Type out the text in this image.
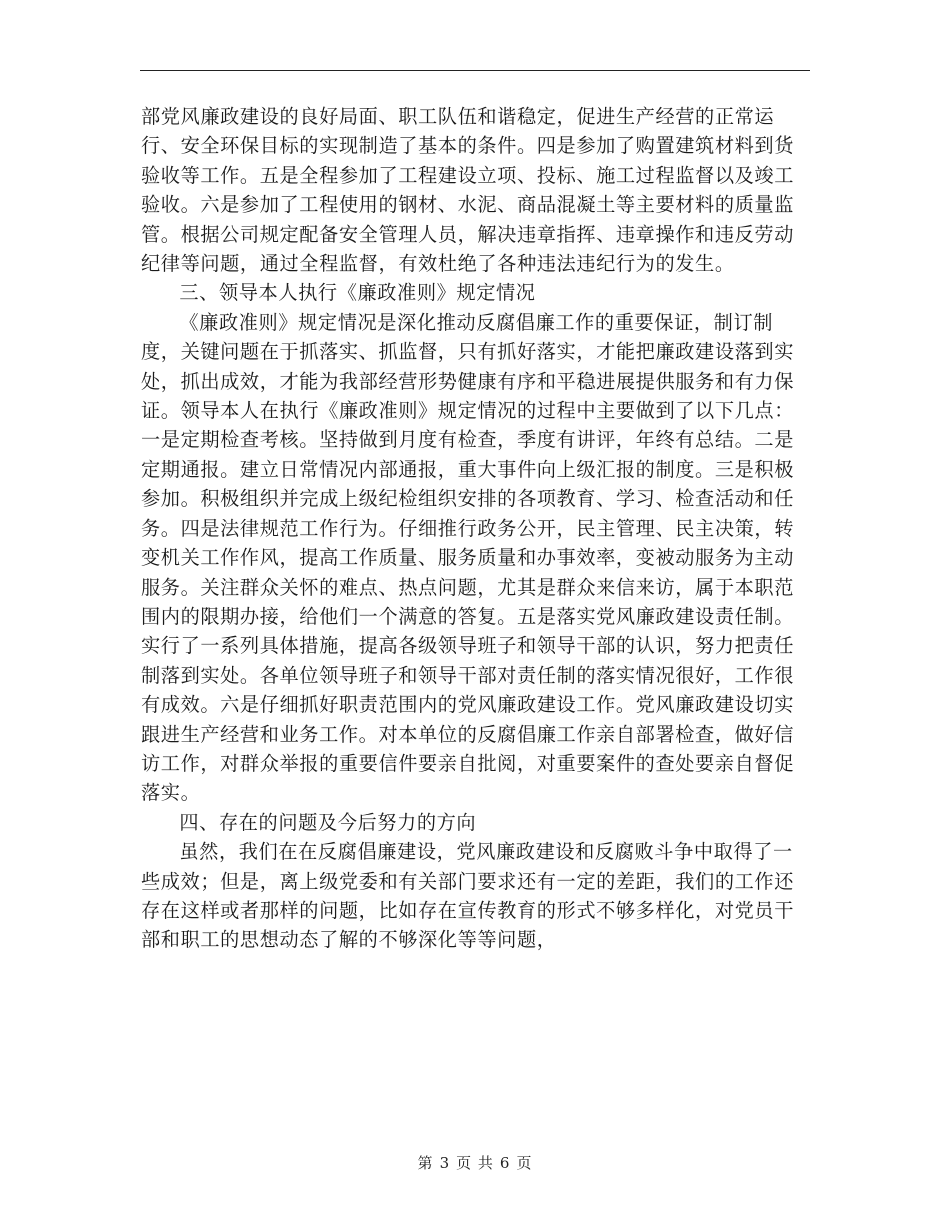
部党风廉政建设的良好局面、职工队伍和谐稳定，促进生产经营的正常运行、安全环保目标的实现制造了基本的条件。四是参加了购置建筑材料到货验收等工作。五是全程参加了工程建设立项、投标、施工过程监督以及竣工验收。六是参加了工程使用的钢材、水泥、商品混凝土等主要材料的质量监管。根据公司规定配备安全管理人员，解决违章指挥、违章操作和违反劳动纪律等问题，通过全程监督，有效杜绝了各种违法违纪行为的发生。

三、领导本人执行《廉政准则》规定情况

《廉政准则》规定情况是深化推动反腐倡廉工作的重要保证，制订制度，关键问题在于抓落实、抓监督，只有抓好落实，才能把廉政建设落到实处，抓出成效，才能为我部经营形势健康有序和平稳进展提供服务和有力保证。领导本人在执行《廉政准则》规定情况的过程中主要做到了以下几点：一是定期检查考核。坚持做到月度有检查，季度有讲评，年终有总结。二是定期通报。建立日常情况内部通报，重大事件向上级汇报的制度。三是积极参加。积极组织并完成上级纪检组织安排的各项教育、学习、检查活动和任务。四是法律规范工作行为。仔细推行政务公开，民主管理、民主决策，转变机关工作作风，提高工作质量、服务质量和办事效率，变被动服务为主动服务。关注群众关怀的难点、热点问题，尤其是群众来信来访，属于本职范围内的限期办接，给他们一个满意的答复。五是落实党风廉政建设责任制。实行了一系列具体措施，提高各级领导班子和领导干部的认识，努力把责任制落到实处。各单位领导班子和领导干部对责任制的落实情况很好，工作很有成效。六是仔细抓好职责范围内的党风廉政建设工作。党风廉政建设切实跟进生产经营和业务工作。对本单位的反腐倡廉工作亲自部署检查，做好信访工作，对群众举报的重要信件要亲自批阅，对重要案件的查处要亲自督促落实。

四、存在的问题及今后努力的方向

虽然，我们在在反腐倡廉建设，党风廉政建设和反腐败斗争中取得了一些成效；但是，离上级党委和有关部门要求还有一定的差距，我们的工作还存在这样或者那样的问题，比如存在宣传教育的形式不够多样化，对党员干部和职工的思想动态了解的不够深化等等问题，

第 3 页 共 6 页
